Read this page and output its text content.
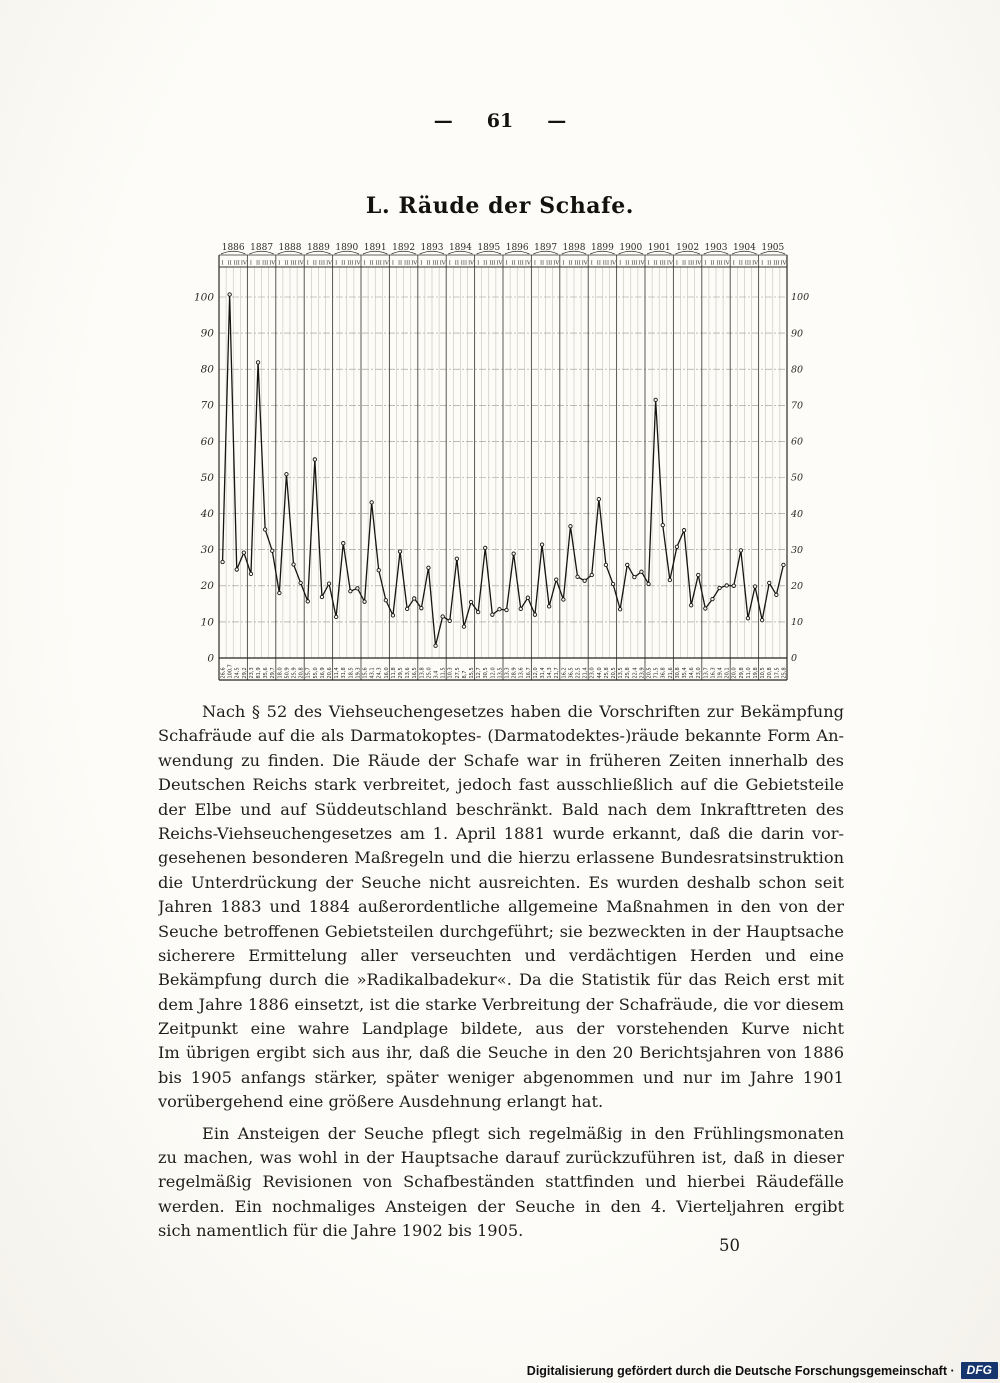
— 61 —
L. Räude der Schafe.
1886
I II III IV
1887
I II III IV
1888
I II III IV
1889
I II III IV
1890
I II III IV
1891
I II III IV
1892
I II III IV
1893
I II III IV
1894
I II III IV
1895
I II III IV
1896
I II III IV
1897
I II III IV
1898
I II III IV
1899
I II III IV
1900
I II III IV
1901
I II III IV
1902
I II III IV
1903
I II III IV
1904
I II III IV
1905
I II III IV
0	0
10	10
20	20
30	30
40	40
50	50
60	60
70	70
80	80
90	90
100	100
26,6 100,7 24,5 29,2 23,3 81,9 35,6 29,7 18,0 50,9 25,9 20,8 15,7 55,0 16,9 20,6 11,4 31,8 18,5 19,3 15,6 43,1 24,3 16,0 11,8 29,5 13,6 16,5 13,8 25,0 3,4 11,5 10,3 27,5 8,7 15,5 12,7 30,5 12,0 13,5 13,3 28,9 13,6 16,7 12,0 31,4 14,3 21,7 16,2 36,5 22,5 21,4 23,0 44,0 25,8 20,5 13,5 25,8 22,4 23,9 20,5 71,5 36,8 21,6 30,8 35,4 14,6 23,0 13,7 16,3 19,4 20,1 20,0 29,8 11,0 19,8 10,5 20,8 17,5 25,8
Nach § 52 des Viehseuchengesetzes haben die Vorschriften zur Bekämpfung
Schafräude auf die als Darmatokoptes- (Darmatodektes-)räude bekannte Form An-
wendung zu finden. Die Räude der Schafe war in früheren Zeiten innerhalb des
Deutschen Reichs stark verbreitet, jedoch fast ausschließlich auf die Gebietsteile
der Elbe und auf Süddeutschland beschränkt. Bald nach dem Inkrafttreten des
Reichs-Viehseuchengesetzes am 1. April 1881 wurde erkannt, daß die darin vor-
gesehenen besonderen Maßregeln und die hierzu erlassene Bundesratsinstruktion
die Unterdrückung der Seuche nicht ausreichten. Es wurden deshalb schon seit
Jahren 1883 und 1884 außerordentliche allgemeine Maßnahmen in den von der
Seuche betroffenen Gebietsteilen durchgeführt; sie bezweckten in der Hauptsache
sicherere Ermittelung aller verseuchten und verdächtigen Herden und eine
Bekämpfung durch die »Radikalbadekur«. Da die Statistik für das Reich erst mit
dem Jahre 1886 einsetzt, ist die starke Verbreitung der Schafräude, die vor diesem
Zeitpunkt eine wahre Landplage bildete, aus der vorstehenden Kurve nicht
Im übrigen ergibt sich aus ihr, daß die Seuche in den 20 Berichtsjahren von 1886
bis 1905 anfangs stärker, später weniger abgenommen und nur im Jahre 1901
vorübergehend eine größere Ausdehnung erlangt hat.
Ein Ansteigen der Seuche pflegt sich regelmäßig in den Frühlingsmonaten
zu machen, was wohl in der Hauptsache darauf zurückzuführen ist, daß in dieser
regelmäßig Revisionen von Schafbeständen stattfinden und hierbei Räudefälle
werden. Ein nochmaliges Ansteigen der Seuche in den 4. Vierteljahren ergibt
sich namentlich für die Jahre 1902 bis 1905.
50
Digitalisierung gefördert durch die Deutsche Forschungsgemeinschaft ·	DFG
